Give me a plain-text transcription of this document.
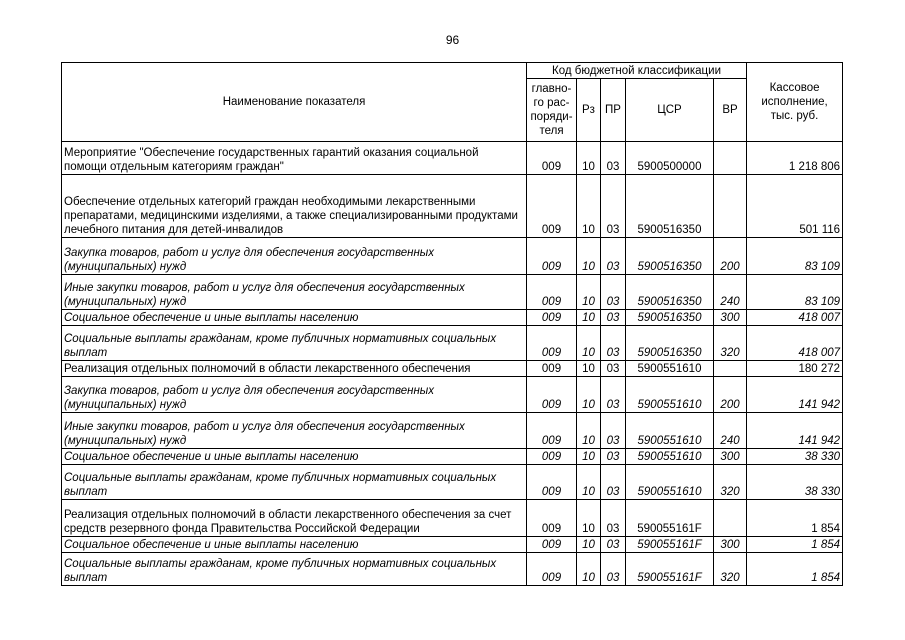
96
Наименование показателя	Код бюджетной классификации					Кассовое исполнение, тыс. руб.
	главно-го рас-поряди-теля	Рз	ПР	ЦСР	ВР	
Мероприятие "Обеспечение государственных гарантий оказания социальной помощи отдельным категориям граждан"	009	10	03	5900500000		1 218 806
Обеспечение отдельных категорий граждан необходимыми лекарственными препаратами, медицинскими изделиями, а также специализированными продуктами лечебного питания для детей-инвалидов	009	10	03	5900516350		501 116
Закупка товаров, работ и услуг для обеспечения государственных (муниципальных) нужд	009	10	03	5900516350	200	83 109
Иные закупки товаров, работ и услуг для обеспечения государственных (муниципальных) нужд	009	10	03	5900516350	240	83 109
Социальное обеспечение и иные выплаты населению	009	10	03	5900516350	300	418 007
Социальные выплаты гражданам, кроме публичных нормативных социальных выплат	009	10	03	5900516350	320	418 007
Реализация отдельных полномочий в области лекарственного обеспечения	009	10	03	5900551610		180 272
Закупка товаров, работ и услуг для обеспечения государственных (муниципальных) нужд	009	10	03	5900551610	200	141 942
Иные закупки товаров, работ и услуг для обеспечения государственных (муниципальных) нужд	009	10	03	5900551610	240	141 942
Социальное обеспечение и иные выплаты населению	009	10	03	5900551610	300	38 330
Социальные выплаты гражданам, кроме публичных нормативных социальных выплат	009	10	03	5900551610	320	38 330
Реализация отдельных полномочий в области лекарственного обеспечения за счет средств резервного фонда Правительства Российской Федерации	009	10	03	590055161F		1 854
Социальное обеспечение и иные выплаты населению	009	10	03	590055161F	300	1 854
Социальные выплаты гражданам, кроме публичных нормативных социальных выплат	009	10	03	590055161F	320	1 854
